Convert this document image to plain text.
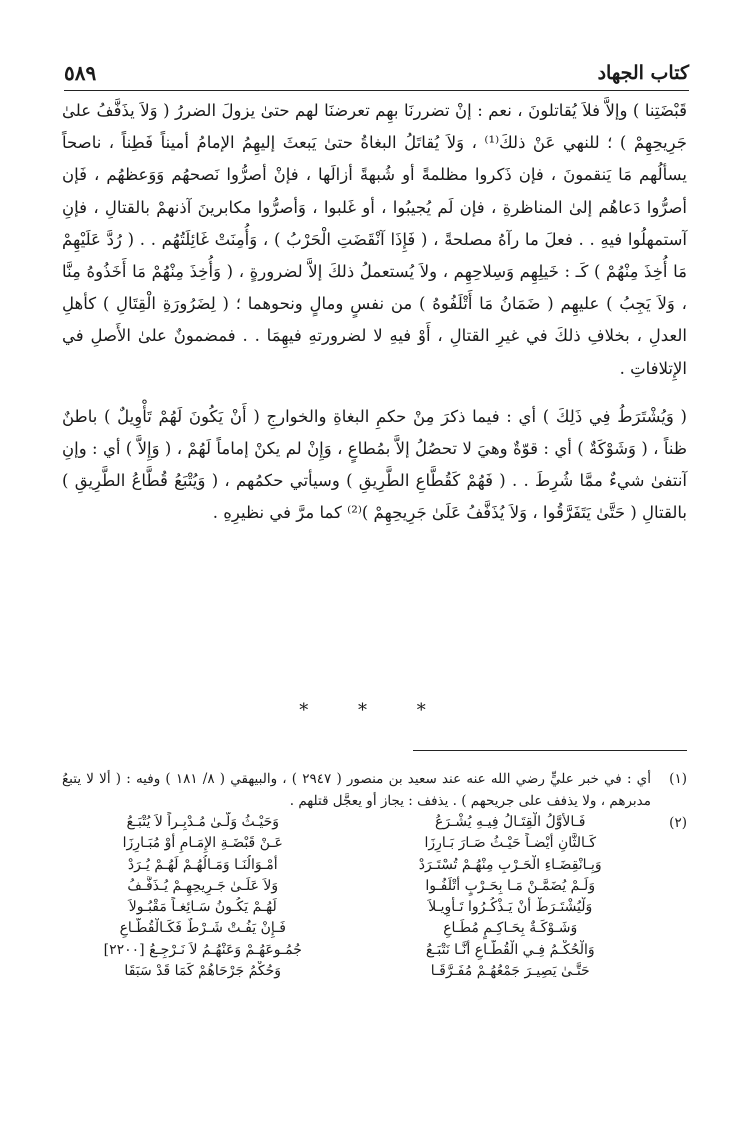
كتاب الجهاد
٥٨٩

قَبْضَتِنا ) وإلاَّ فلاَ يُقاتلونَ ، نعم : إنْ تضررنَا بهِم تعرضنَا لهم حتىٰ يزولَ الضررُ ( وَلاَ يذَفَّفُ علىٰ جَرِيحِهِمْ ) ؛ للنهي عَنْ ذلكَ⁽¹⁾ ، وَلاَ يُقاتَلُ البغاةُ حتىٰ يَبعثَ إليهِمُ الإمامُ أميناً فَطِناً ، ناصحاً يسألُهم مَا يَنقمونَ ، فإن ذَكروا مظلمةً أو شُبهةً أزالَها ، فإنْ أصرُّوا نَصحهُم وَوَعظهُم ، فَإن أصرُّوا دَعاهُم إلىٰ المناظرةِ ، فإن لَم يُجيبُوا ، أو غَلبوا ، وَأصرُّوا مكابرينَ آذنهمْ بالقتالِ ، فإنِ آستمهلُوا فيهِ . . فعلَ ما رآهُ مصلحةً ، ( فَإِذَا آنْقَضَتِ الْحَرْبُ ) ، وَأُمِنَتْ غَائِلَتُهُم . . ( رُدَّ عَلَيْهِمْ مَا أُخِذَ مِنْهُمْ ) كَـ : خَيلِهِم وَسِلاحِهِم ، ولاَ يُستعملُ ذلكَ إلاَّ لضرورةٍ ، ( وَأُخِذَ مِنْهُمْ مَا أَخَذُوهُ مِنَّا ، وَلاَ يَجِبُ ) عليهِم ( ضَمَانُ مَا أَتْلَفُوهُ ) من نفسٍ ومالٍ ونحوهما ؛ ( لِضَرُورَةِ الْقِتَالِ ) كأهلِ العدلِ ، بخلافِ ذلكَ في غيرِ القتالِ ، أَوْ فيهِ لا لضرورتهِ فيهِمَا . . فمضمونٌ علىٰ الأَصلِ في الإِتلافاتِ .

( وَيُشْتَرَطُ فِي ذَلِكَ ) أي : فيما ذكرَ مِنْ حكمِ البغاةِ والخوارجِ ( أَنْ يَكُونَ لَهُمْ تَأْوِيلٌ ) باطنٌ ظناً ، ( وَشَوْكَةٌ ) أي : قوّةٌ وهيَ لا تحصُلُ إلاَّ بمُطاعٍ ، وَإِنْ لم يكنْ إماماً لَهُمْ ، ( وَإِلاَّ ) أي : وإنِ آنتفىٰ شيءٌ ممَّا شُرِطَ . . ( فَهُمْ كَقُطَّاعِ الطَّرِيقِ ) وسيأتي حكمُهم ، ( وَيُتْبَعُ قُطَّاعُ الطَّرِيقِ ) بالقتالِ ( حَتَّىٰ يَتَفَرَّقُوا ، وَلاَ يُذَفَّفُ عَلَىٰ جَرِيحِهِمْ )⁽²⁾ كما مرَّ في نظيرِهِ .

* * *
(١)
أي : في خبر عليٍّ رضي الله عنه عند سعيد بن منصور ( ٢٩٤٧ ) ، والبيهقي ( ٨/ ١٨١ ) وفيه : ( ألا لا يتبعُ مدبرهم ، ولا يذفف على جريحهم ) . يذفف : يجاز أو يعجَّل قتلهم .
(٢)
فَـالأَوَّلُ الْقِتَـالُ فِيـهِ يُشْـرَعُ
وَحَيْـثُ وَلَّـىٰ مُـدْبِـراً لاَ يُتْبَـعُ
كَـالثَّانِ أَيْضـاً حَيْـثُ صَـارَ بَـارِزَا
عَـنْ قَبْضَـةِ الإِمَـامِ أَوْ مُبَـارِزَا
وَبِـانْقِضَـاءِ الْحَـرْبِ مِنْهُـمْ تُسْتَـرَدْ
أَمْـوَالُنَـا وَمَـالُهُـمْ لَهُـمْ يُـرَدْ
وَلَـمْ يُضَمَّـنْ مَـا بِحَـرْبٍ أَتْلَفُـوا
وَلاَ عَلَـىٰ جَـرِيحِهِـمْ يُـذَفَّـفُ
وَلْيُشْتَـرَطْ أَنْ يَـذْكُـرُوا تَـأْوِيـلاَ
لَهُـمْ يَكُـونُ سَـائِغـاً مَقْبُـولاَ
وَشَـوْكَـةٌ بِحَـاكِـمٍ مُطَـاعِ
فَـإِنْ يَفُـتْ شَـرْطٌ فَكَـالْقُطَّـاعِ
وَالْحُكْـمُ فِـي الْقُطَّـاعِ أَنَّـا نَتْبَـعُ
جُمُـوعَهُـمْ وَعَنْهُـمُ لاَ نَـرْجِـعُ [٢٢٠٠]
حَتَّـىٰ يَصِيـرَ جَمْعُهُـمْ مُفَـرَّقَـا
وَحُكْمُ جَرْحَاهُمْ كَمَا قَدْ سَبَقَا
